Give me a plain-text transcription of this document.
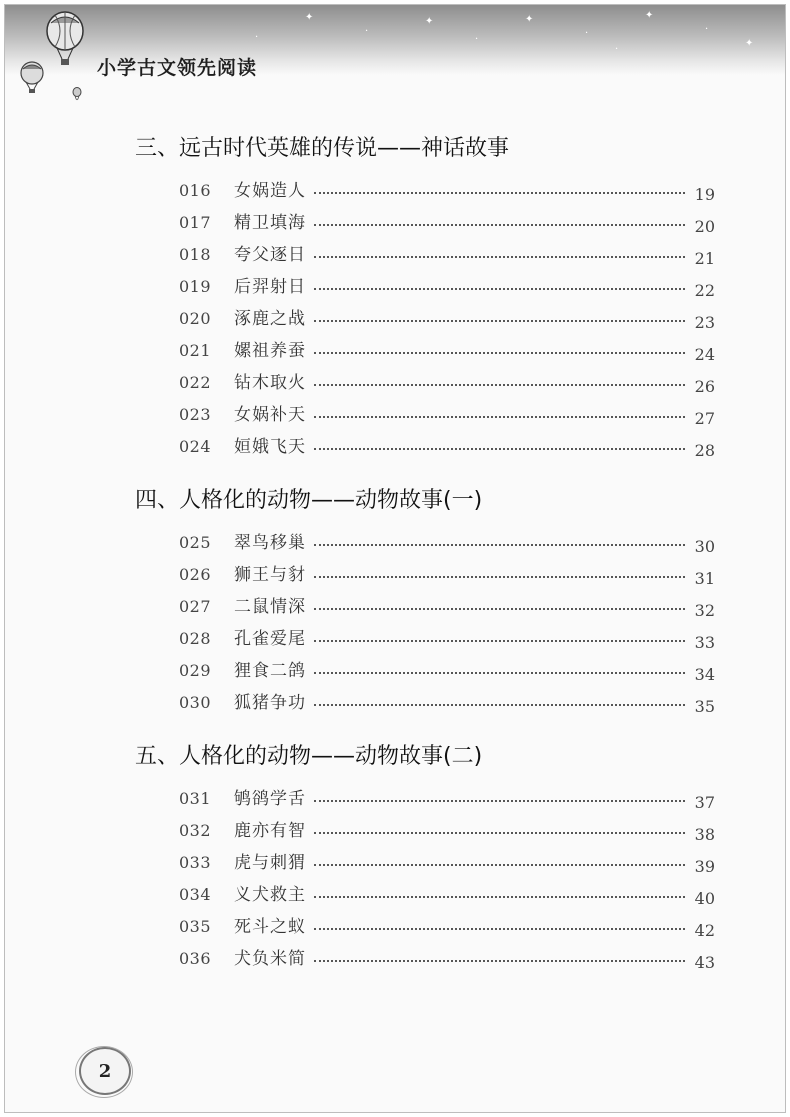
✦
·
✦
·
✦
·
✦
·
✦
·
·
小学古文领先阅读
三、远古时代英雄的传说——神话故事
016	女娲造人	19
017	精卫填海	20
018	夸父逐日	21
019	后羿射日	22
020	涿鹿之战	23
021	嫘祖养蚕	24
022	钻木取火	26
023	女娲补天	27
024	姮娥飞天	28
四、人格化的动物——动物故事(一)
025	翠鸟移巢	30
026	狮王与豺	31
027	二鼠情深	32
028	孔雀爱尾	33
029	狸食二鸽	34
030	狐猪争功	35
五、人格化的动物——动物故事(二)
031	鸲鹆学舌	37
032	鹿亦有智	38
033	虎与刺猬	39
034	义犬救主	40
035	死斗之蚁	42
036	犬负米简	43
2
